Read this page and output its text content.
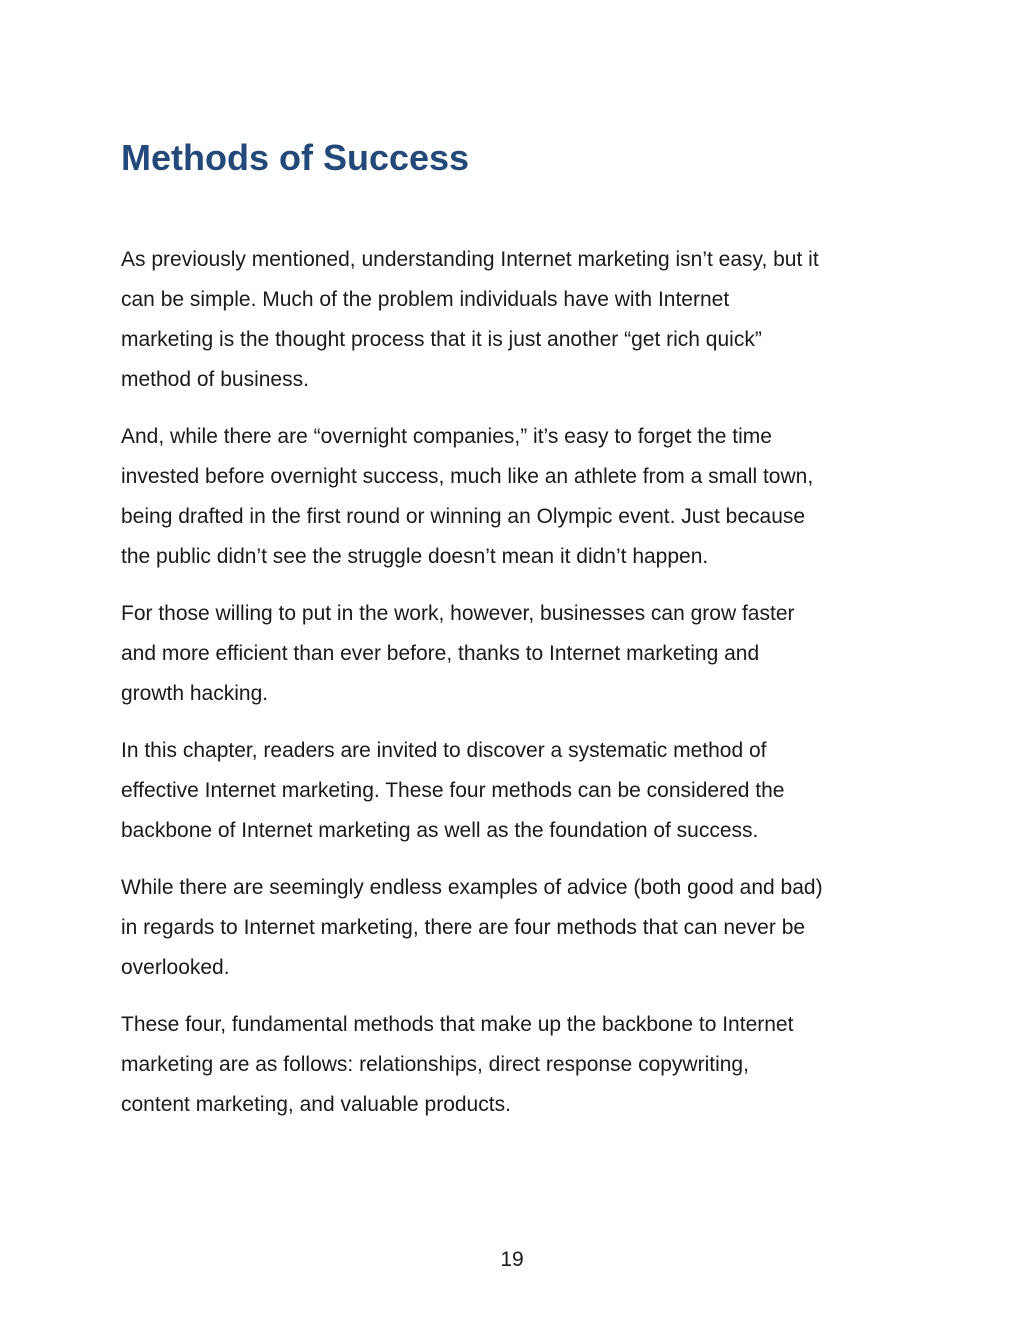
Methods of Success

As previously mentioned, understanding Internet marketing isn’t easy, but it
can be simple. Much of the problem individuals have with Internet
marketing is the thought process that it is just another “get rich quick”
method of business.

And, while there are “overnight companies,” it’s easy to forget the time
invested before overnight success, much like an athlete from a small town,
being drafted in the first round or winning an Olympic event. Just because
the public didn’t see the struggle doesn’t mean it didn’t happen.

For those willing to put in the work, however, businesses can grow faster
and more efficient than ever before, thanks to Internet marketing and
growth hacking.

In this chapter, readers are invited to discover a systematic method of
effective Internet marketing. These four methods can be considered the
backbone of Internet marketing as well as the foundation of success.

While there are seemingly endless examples of advice (both good and bad)
in regards to Internet marketing, there are four methods that can never be
overlooked.

These four, fundamental methods that make up the backbone to Internet
marketing are as follows: relationships, direct response copywriting,
content marketing, and valuable products.

19
